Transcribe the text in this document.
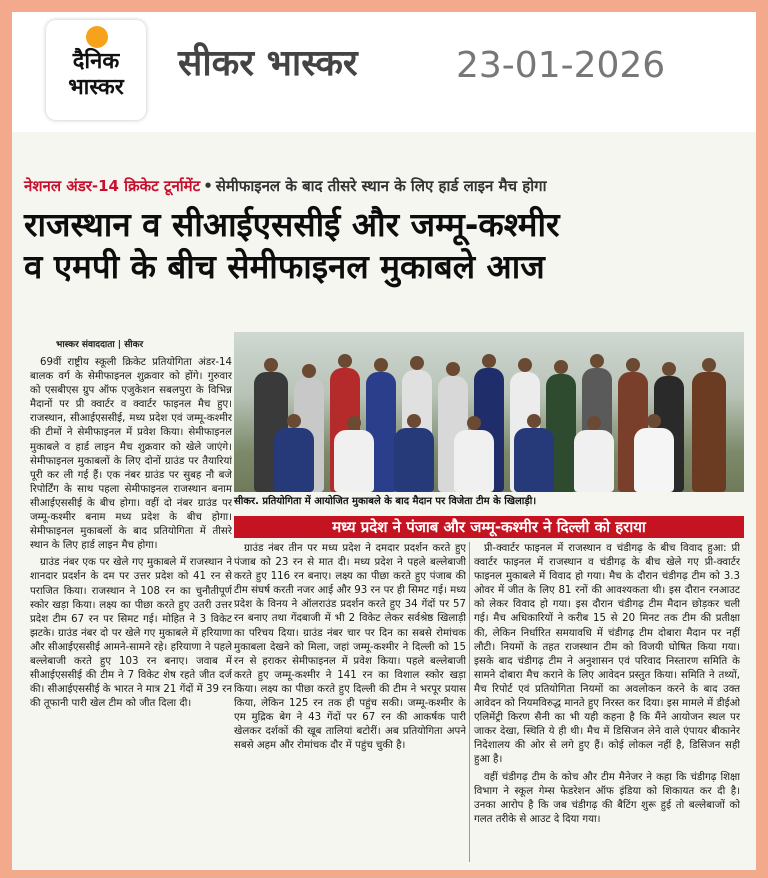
दैनिक
भास्कर
सीकर भास्कर	23-01-2026
नेशनल अंडर-14 क्रिकेट टूर्नामेंट • सेमीफाइनल के बाद तीसरे स्थान के लिए हार्ड लाइन मैच होगा
राजस्थान व सीआईएससीई और जम्मू-कश्मीर
व एमपी के बीच सेमीफाइनल मुकाबले आज
भास्कर संवाददाता | सीकर

69वीं राष्ट्रीय स्कूली क्रिकेट प्रतियोगिता अंडर-14 बालक वर्ग के सेमीफाइनल शुक्रवार को होंगे। गुरुवार को एसबीएस ग्रुप ऑफ एजुकेशन सबलपुरा के विभिन्न मैदानों पर प्री क्वार्टर व क्वार्टर फाइनल मैच हुए। राजस्थान, सीआईएससीई, मध्य प्रदेश एवं जम्मू-कश्मीर की टीमों ने सेमीफाइनल में प्रवेश किया। सेमीफाइनल मुकाबले व हार्ड लाइन मैच शुक्रवार को खेले जाएंगे। सेमीफाइनल मुकाबलों के लिए दोनों ग्राउंड पर तैयारियां पूरी कर ली गई हैं। एक नंबर ग्राउंड पर सुबह नौ बजे रिपोर्टिंग के साथ पहला सेमीफाइनल राजस्थान बनाम सीआईएससीई के बीच होगा। वहीं दो नंबर ग्राउंड पर जम्मू-कश्मीर बनाम मध्य प्रदेश के बीच होगा। सेमीफाइनल मुकाबलों के बाद प्रतियोगिता में तीसरे स्थान के लिए हार्ड लाइन मैच होगा।

ग्राउंड नंबर एक पर खेले गए मुकाबले में राजस्थान ने शानदार प्रदर्शन के दम पर उत्तर प्रदेश को 41 रन से पराजित किया। राजस्थान ने 108 रन का चुनौतीपूर्ण स्कोर खड़ा किया। लक्ष्य का पीछा करते हुए उतरी उत्तर प्रदेश टीम 67 रन पर सिमट गई। मोहित ने 3 विकेट झटके। ग्राउंड नंबर दो पर खेले गए मुकाबले में हरियाणा और सीआईएससीई आमने-सामने रहे। हरियाणा ने पहले बल्लेबाजी करते हुए 103 रन बनाए। जवाब में सीआईएससीई की टीम ने 7 विकेट शेष रहते जीत दर्ज की। सीआईएससीई के भारत ने मात्र 21 गेंदों में 39 रन की तूफानी पारी खेल टीम को जीत दिला दी।

सीकर. प्रतियोगिता में आयोजित मुकाबले के बाद मैदान पर विजेता टीम के खिलाड़ी।
मध्य प्रदेश ने पंजाब और जम्मू-कश्मीर ने दिल्ली को हराया

ग्राउंड नंबर तीन पर मध्य प्रदेश ने दमदार प्रदर्शन करते हुए पंजाब को 23 रन से मात दी। मध्य प्रदेश ने पहले बल्लेबाजी करते हुए 116 रन बनाए। लक्ष्य का पीछा करते हुए पंजाब की टीम संघर्ष करती नजर आई और 93 रन पर ही सिमट गई। मध्य प्रदेश के विनय ने ऑलराउंड प्रदर्शन करते हुए 34 गेंदों पर 57 रन बनाए तथा गेंदबाजी में भी 2 विकेट लेकर सर्वश्रेष्ठ खिलाड़ी का परिचय दिया। ग्राउंड नंबर चार पर दिन का सबसे रोमांचक मुकाबला देखने को मिला, जहां जम्मू-कश्मीर ने दिल्ली को 15 रन से हराकर सेमीफाइनल में प्रवेश किया। पहले बल्लेबाजी करते हुए जम्मू-कश्मीर ने 141 रन का विशाल स्कोर खड़ा किया। लक्ष्य का पीछा करते हुए दिल्ली की टीम ने भरपूर प्रयास किया, लेकिन 125 रन तक ही पहुंच सकी। जम्मू-कश्मीर के एम मुद्रिक बेग ने 43 गेंदों पर 67 रन की आकर्षक पारी खेलकर दर्शकों की खूब तालियां बटोरीं। अब प्रतियोगिता अपने सबसे अहम और रोमांचक दौर में पहुंच चुकी है।

प्री-क्वार्टर फाइनल में राजस्थान व चंडीगढ़ के बीच विवाद हुआ: प्री क्वार्टर फाइनल में राजस्थान व चंडीगढ़ के बीच खेले गए प्री-क्वार्टर फाइनल मुकाबले में विवाद हो गया। मैच के दौरान चंडीगढ़ टीम को 3.3 ओवर में जीत के लिए 81 रनों की आवश्यकता थी। इस दौरान रनआउट को लेकर विवाद हो गया। इस दौरान चंडीगढ़ टीम मैदान छोड़कर चली गई। मैच अधिकारियों ने करीब 15 से 20 मिनट तक टीम की प्रतीक्षा की, लेकिन निर्धारित समयावधि में चंडीगढ़ टीम दोबारा मैदान पर नहीं लौटी। नियमों के तहत राजस्थान टीम को विजयी घोषित किया गया। इसके बाद चंडीगढ़ टीम ने अनुशासन एवं परिवाद निस्तारण समिति के सामने दोबारा मैच कराने के लिए आवेदन प्रस्तुत किया। समिति ने तथ्यों, मैच रिपोर्ट एवं प्रतियोगिता नियमों का अवलोकन करने के बाद उक्त आवेदन को नियमविरुद्ध मानते हुए निरस्त कर दिया। इस मामले में डीईओ एलिमेंट्री किरण सैनी का भी यही कहना है कि मैंने आयोजन स्थल पर जाकर देखा, स्थिति ये ही थी। मैच में डिसिजन लेने वाले एंपायर बीकानेर निदेशालय की ओर से लगे हुए हैं। कोई लोकल नहीं है, डिसिजन सही हुआ है।

वहीं चंडीगढ़ टीम के कोच और टीम मैनेजर ने कहा कि चंडीगढ़ शिक्षा विभाग ने स्कूल गेम्स फेडरेशन ऑफ इंडिया को शिकायत कर दी है। उनका आरोप है कि जब चंडीगढ़ की बैटिंग शुरू हुई तो बल्लेबाजों को गलत तरीके से आउट दे दिया गया।
